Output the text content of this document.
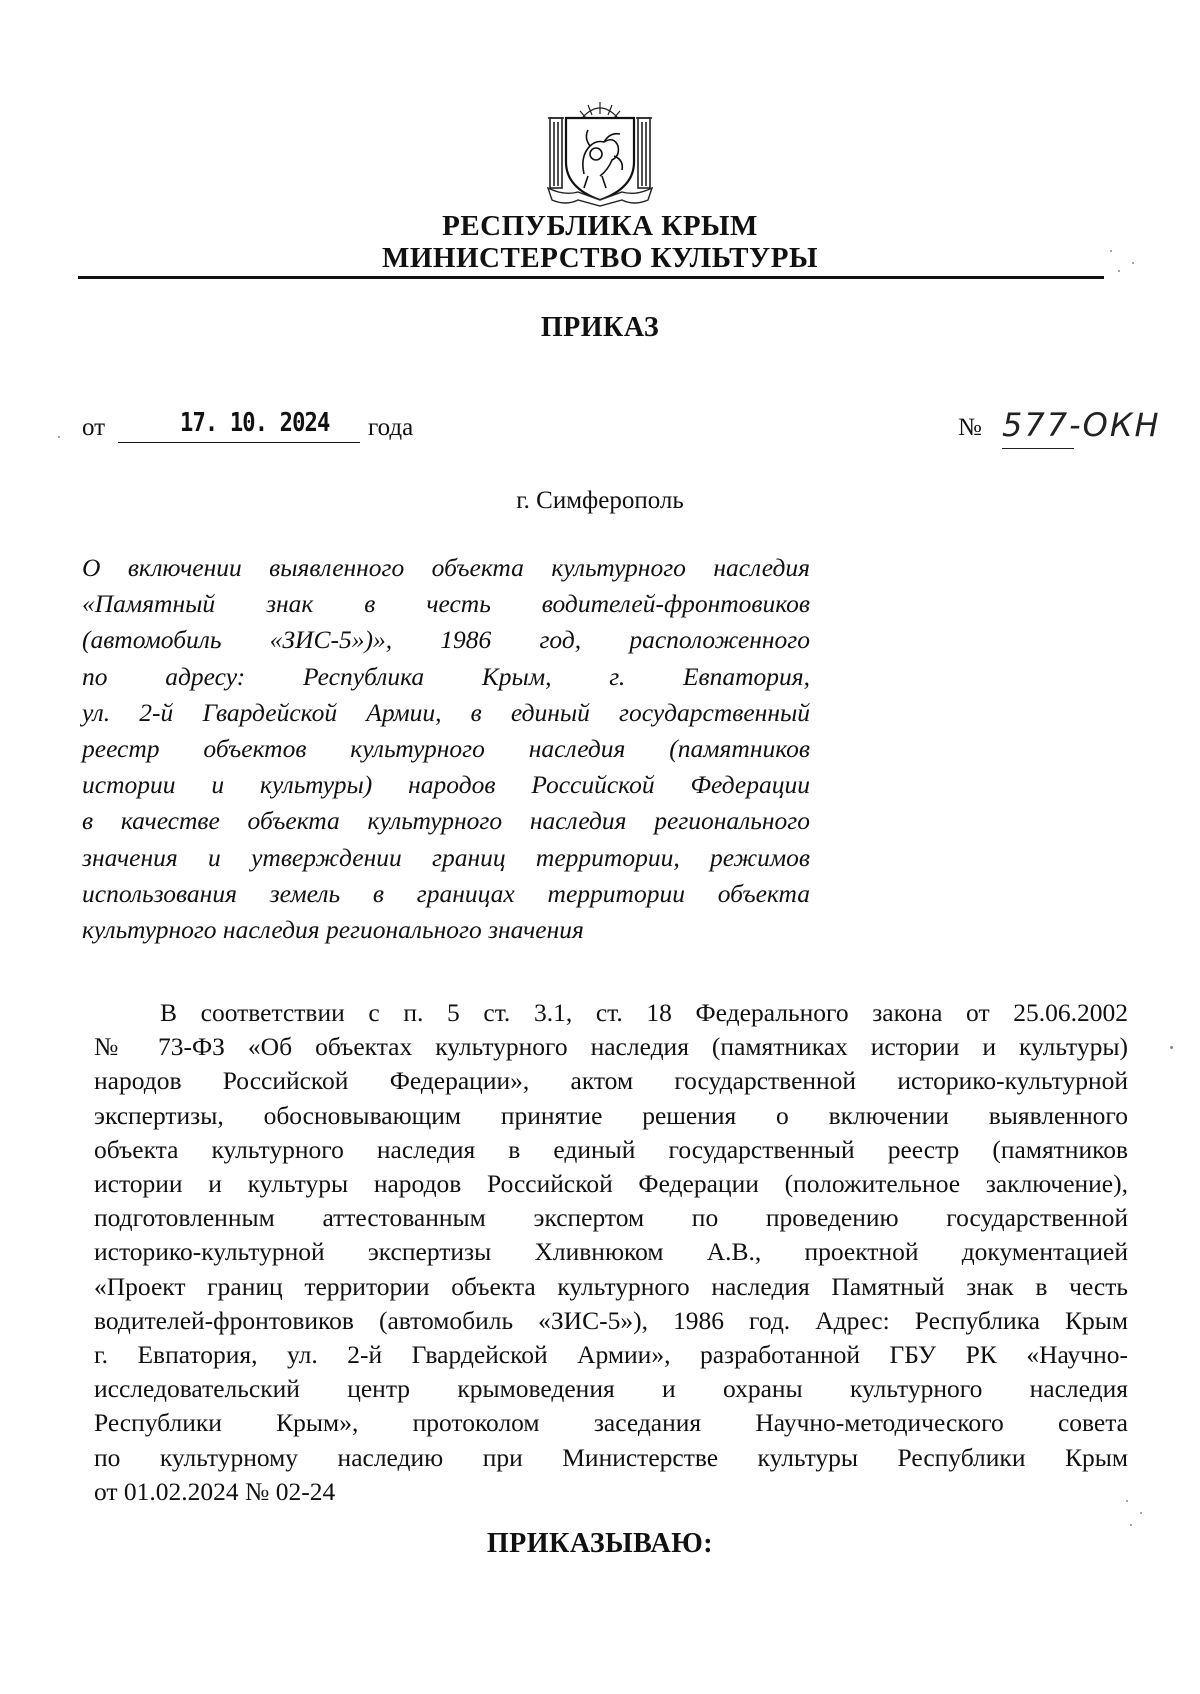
РЕСПУБЛИКА КРЫМ
МИНИСТЕРСТВО КУЛЬТУРЫ
ПРИКАЗ
от	17. 10. 2024 года	№ 577-ОКН
г. Симферополь
О включении выявленного объекта культурного наследия
«Памятный знак в честь водителей-фронтовиков
(автомобиль «ЗИС-5»)», 1986 год, расположенного
по адресу: Республика Крым, г. Евпатория,
ул. 2-й Гвардейской Армии, в единый государственный
реестр объектов культурного наследия (памятников
истории и культуры) народов Российской Федерации
в качестве объекта культурного наследия регионального
значения и утверждении границ территории, режимов
использования земель в границах территории объекта
культурного наследия регионального значения
В соответствии с п. 5 ст. 3.1, ст. 18 Федерального закона от 25.06.2002
№ 73-ФЗ «Об объектах культурного наследия (памятниках истории и культуры)
народов Российской Федерации», актом государственной историко-культурной
экспертизы, обосновывающим принятие решения о включении выявленного
объекта культурного наследия в единый государственный реестр (памятников
истории и культуры народов Российской Федерации (положительное заключение),
подготовленным аттестованным экспертом по проведению государственной
историко-культурной экспертизы Хливнюком А.В., проектной документацией
«Проект границ территории объекта культурного наследия Памятный знак в честь
водителей-фронтовиков (автомобиль «ЗИС-5»), 1986 год. Адрес: Республика Крым
г. Евпатория, ул. 2-й Гвардейской Армии», разработанной ГБУ РК «Научно-
исследовательский центр крымоведения и охраны культурного наследия
Республики Крым», протоколом заседания Научно-методического совета
по культурному наследию при Министерстве культуры Республики Крым
от 01.02.2024 № 02-24
ПРИКАЗЫВАЮ:
